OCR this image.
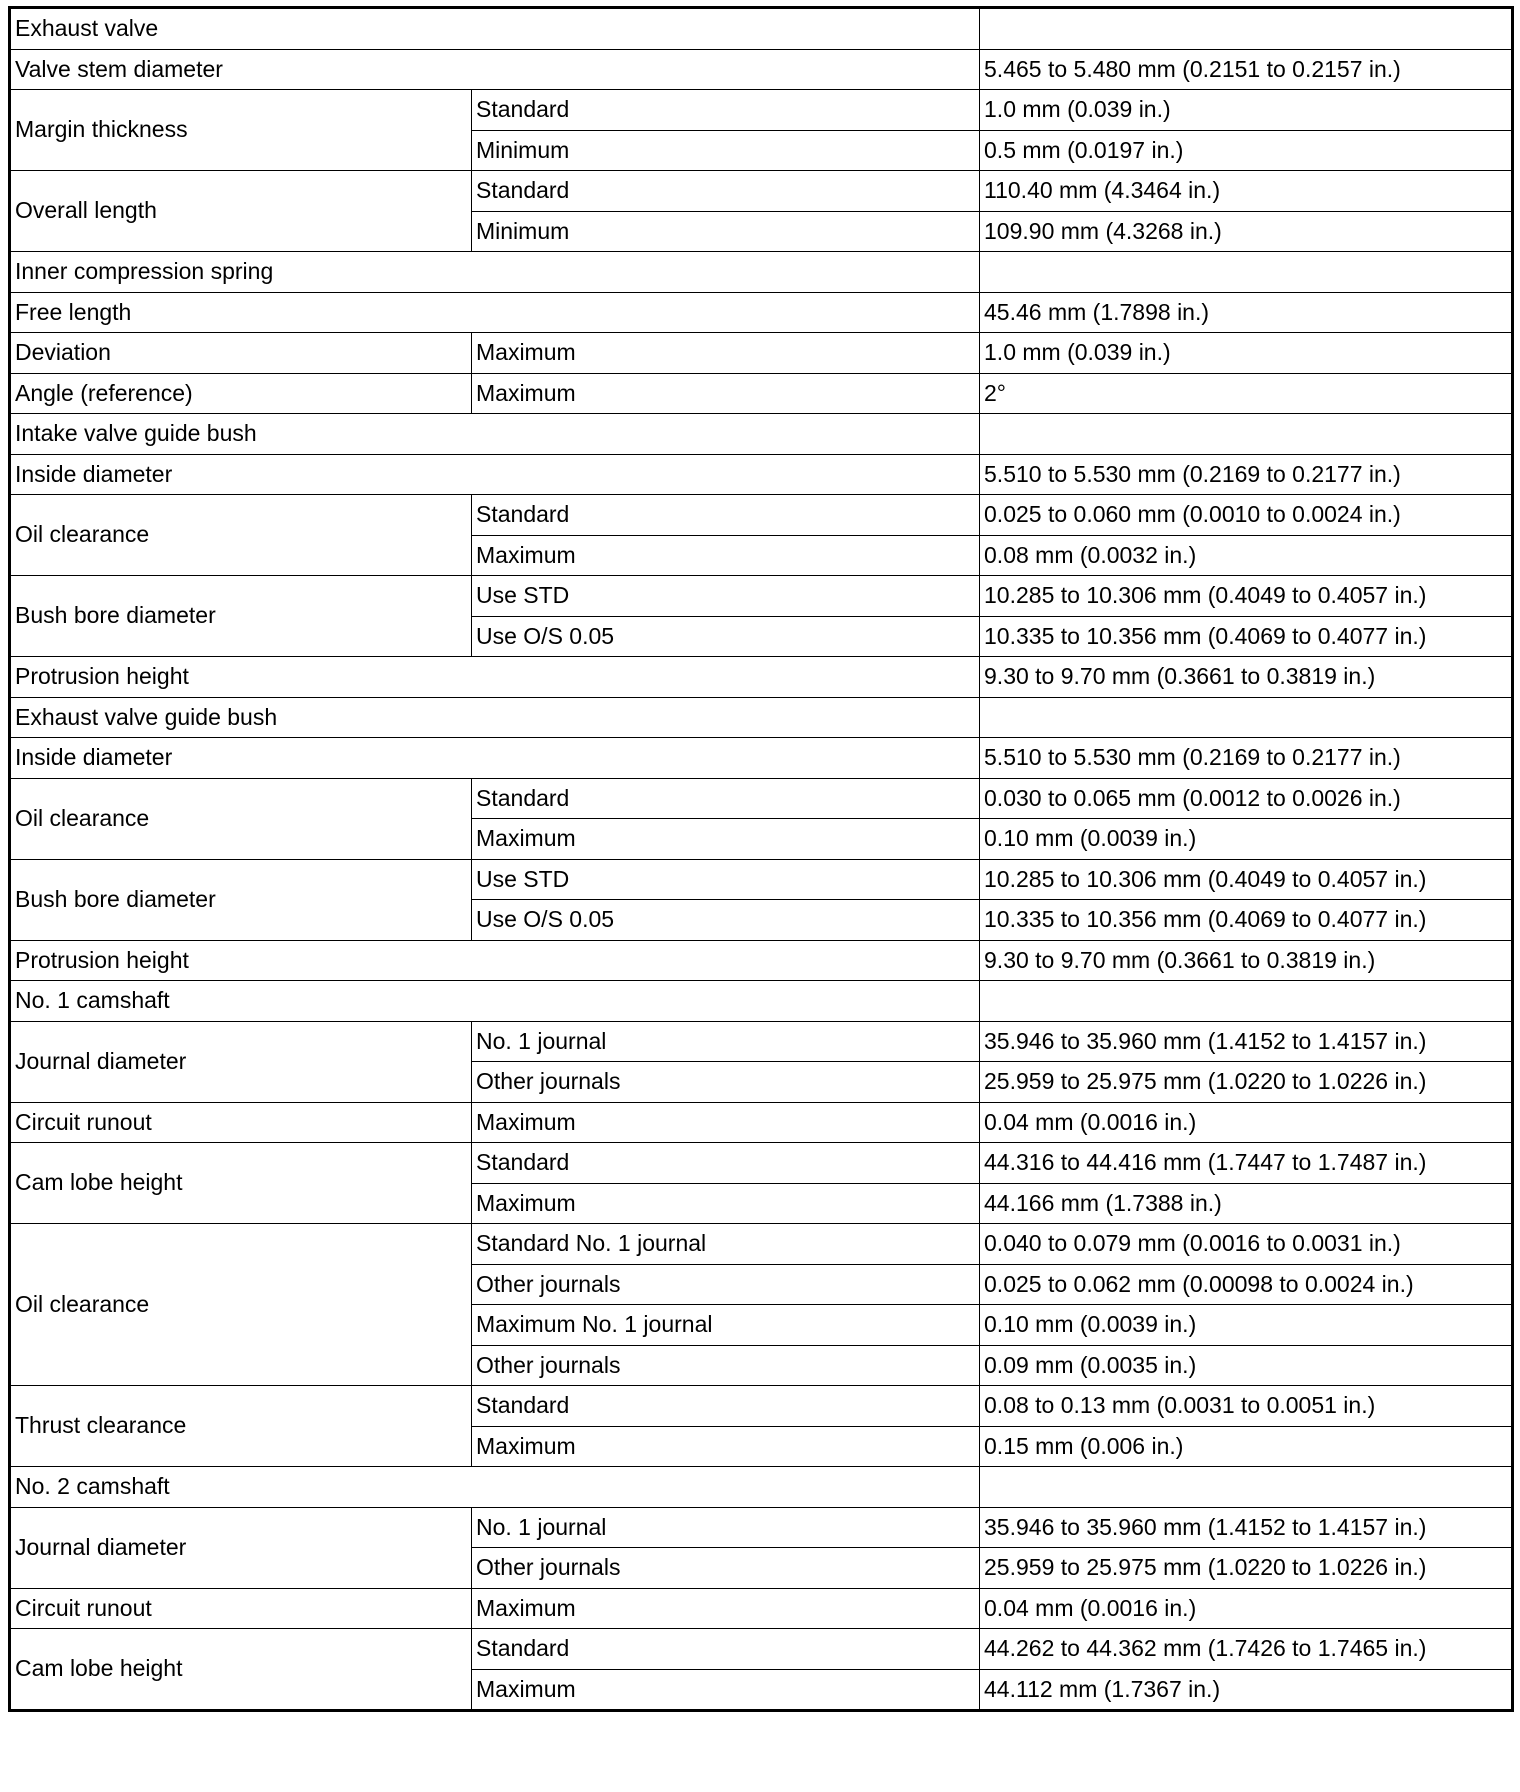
Exhaust valve		
Valve stem diameter		5.465 to 5.480 mm (0.2151 to 0.2157 in.)
Margin thickness	Standard	1.0 mm (0.039 in.)
	Minimum	0.5 mm (0.0197 in.)
Overall length	Standard	110.40 mm (4.3464 in.)
	Minimum	109.90 mm (4.3268 in.)
Inner compression spring		
Free length		45.46 mm (1.7898 in.)
Deviation	Maximum	1.0 mm (0.039 in.)
Angle (reference)	Maximum	2°
Intake valve guide bush		
Inside diameter		5.510 to 5.530 mm (0.2169 to 0.2177 in.)
Oil clearance	Standard	0.025 to 0.060 mm (0.0010 to 0.0024 in.)
	Maximum	0.08 mm (0.0032 in.)
Bush bore diameter	Use STD	10.285 to 10.306 mm (0.4049 to 0.4057 in.)
	Use O/S 0.05	10.335 to 10.356 mm (0.4069 to 0.4077 in.)
Protrusion height		9.30 to 9.70 mm (0.3661 to 0.3819 in.)
Exhaust valve guide bush		
Inside diameter		5.510 to 5.530 mm (0.2169 to 0.2177 in.)
Oil clearance	Standard	0.030 to 0.065 mm (0.0012 to 0.0026 in.)
	Maximum	0.10 mm (0.0039 in.)
Bush bore diameter	Use STD	10.285 to 10.306 mm (0.4049 to 0.4057 in.)
	Use O/S 0.05	10.335 to 10.356 mm (0.4069 to 0.4077 in.)
Protrusion height		9.30 to 9.70 mm (0.3661 to 0.3819 in.)
No. 1 camshaft		
Journal diameter	No. 1 journal	35.946 to 35.960 mm (1.4152 to 1.4157 in.)
	Other journals	25.959 to 25.975 mm (1.0220 to 1.0226 in.)
Circuit runout	Maximum	0.04 mm (0.0016 in.)
Cam lobe height	Standard	44.316 to 44.416 mm (1.7447 to 1.7487 in.)
	Maximum	44.166 mm (1.7388 in.)
Oil clearance	Standard No. 1 journal	0.040 to 0.079 mm (0.0016 to 0.0031 in.)
	Other journals	0.025 to 0.062 mm (0.00098 to 0.0024 in.)
	Maximum No. 1 journal	0.10 mm (0.0039 in.)
	Other journals	0.09 mm (0.0035 in.)
Thrust clearance	Standard	0.08 to 0.13 mm (0.0031 to 0.0051 in.)
	Maximum	0.15 mm (0.006 in.)
No. 2 camshaft		
Journal diameter	No. 1 journal	35.946 to 35.960 mm (1.4152 to 1.4157 in.)
	Other journals	25.959 to 25.975 mm (1.0220 to 1.0226 in.)
Circuit runout	Maximum	0.04 mm (0.0016 in.)
Cam lobe height	Standard	44.262 to 44.362 mm (1.7426 to 1.7465 in.)
	Maximum	44.112 mm (1.7367 in.)
